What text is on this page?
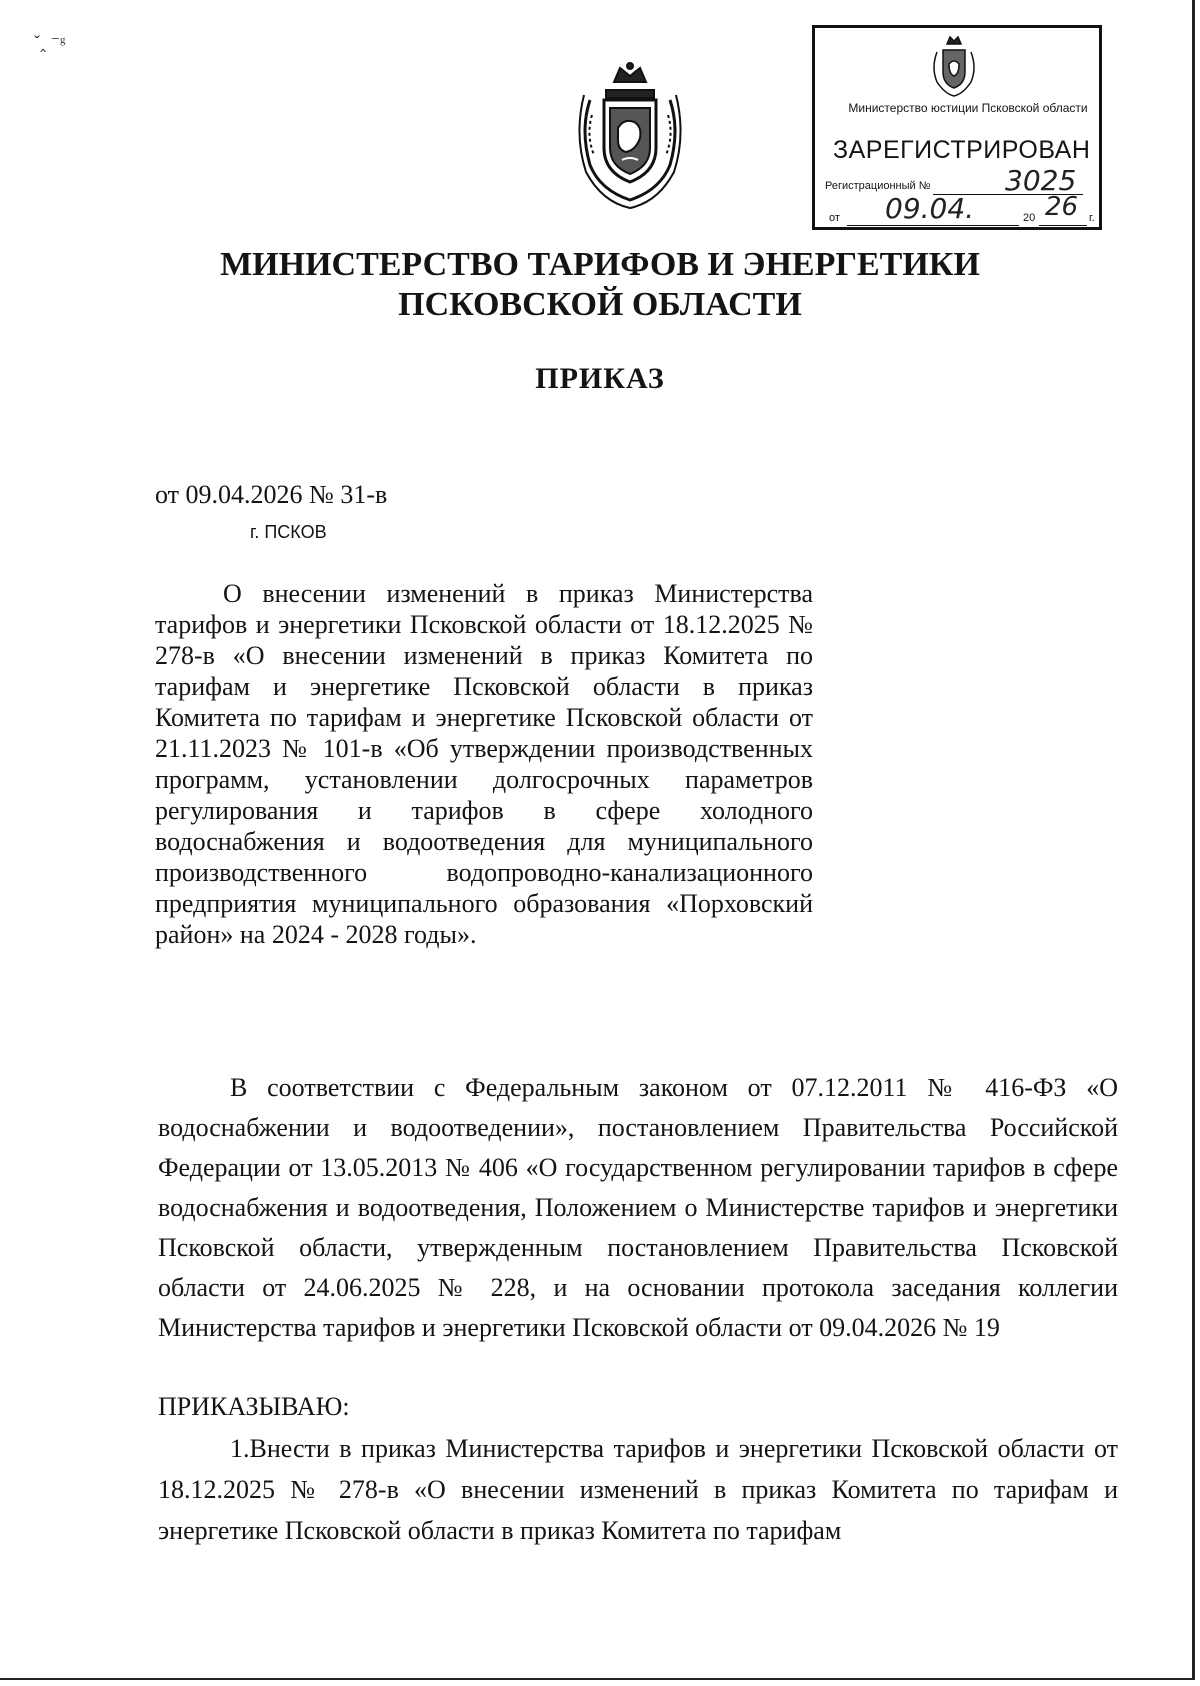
ˇ‸ ⁻ᵍ
Министерство юстиции Псковской области
ЗАРЕГИСТРИРОВАН
Регистрационный №	3025
от 09.04.	20 26 г.
МИНИСТЕРСТВО ТАРИФОВ И ЭНЕРГЕТИКИ
ПСКОВСКОЙ ОБЛАСТИ
ПРИКАЗ
от 09.04.2026 № 31-в
г. ПСКОВ
О внесении изменений в приказ Министерства тарифов и энергетики Псковской области от 18.12.2025 № 278-в «О внесении изменений в приказ Комитета по тарифам и энергетике Псковской области в приказ Комитета по тарифам и энергетике Псковской области от 21.11.2023 № 101-в «Об утверждении производственных программ, установлении долгосрочных параметров регулирования и тарифов в сфере холодного водоснабжения и водоотведения для муниципального производственного водопроводно-канализационного предприятия муниципального образования «Порховский район» на 2024 - 2028 годы».
В соответствии с Федеральным законом от 07.12.2011 № 416-ФЗ «О водоснабжении и водоотведении», постановлением Правительства Российской Федерации от 13.05.2013 № 406 «О государственном регулировании тарифов в сфере водоснабжения и водоотведения, Положением о Министерстве тарифов и энергетики Псковской области, утвержденным постановлением Правительства Псковской области от 24.06.2025 № 228, и на основании протокола заседания коллегии Министерства тарифов и энергетики Псковской области от 09.04.2026 № 19
ПРИКАЗЫВАЮ:
1.Внести в приказ Министерства тарифов и энергетики Псковской области от 18.12.2025 № 278-в «О внесении изменений в приказ Комитета по тарифам и энергетике Псковской области в приказ Комитета по тарифам
